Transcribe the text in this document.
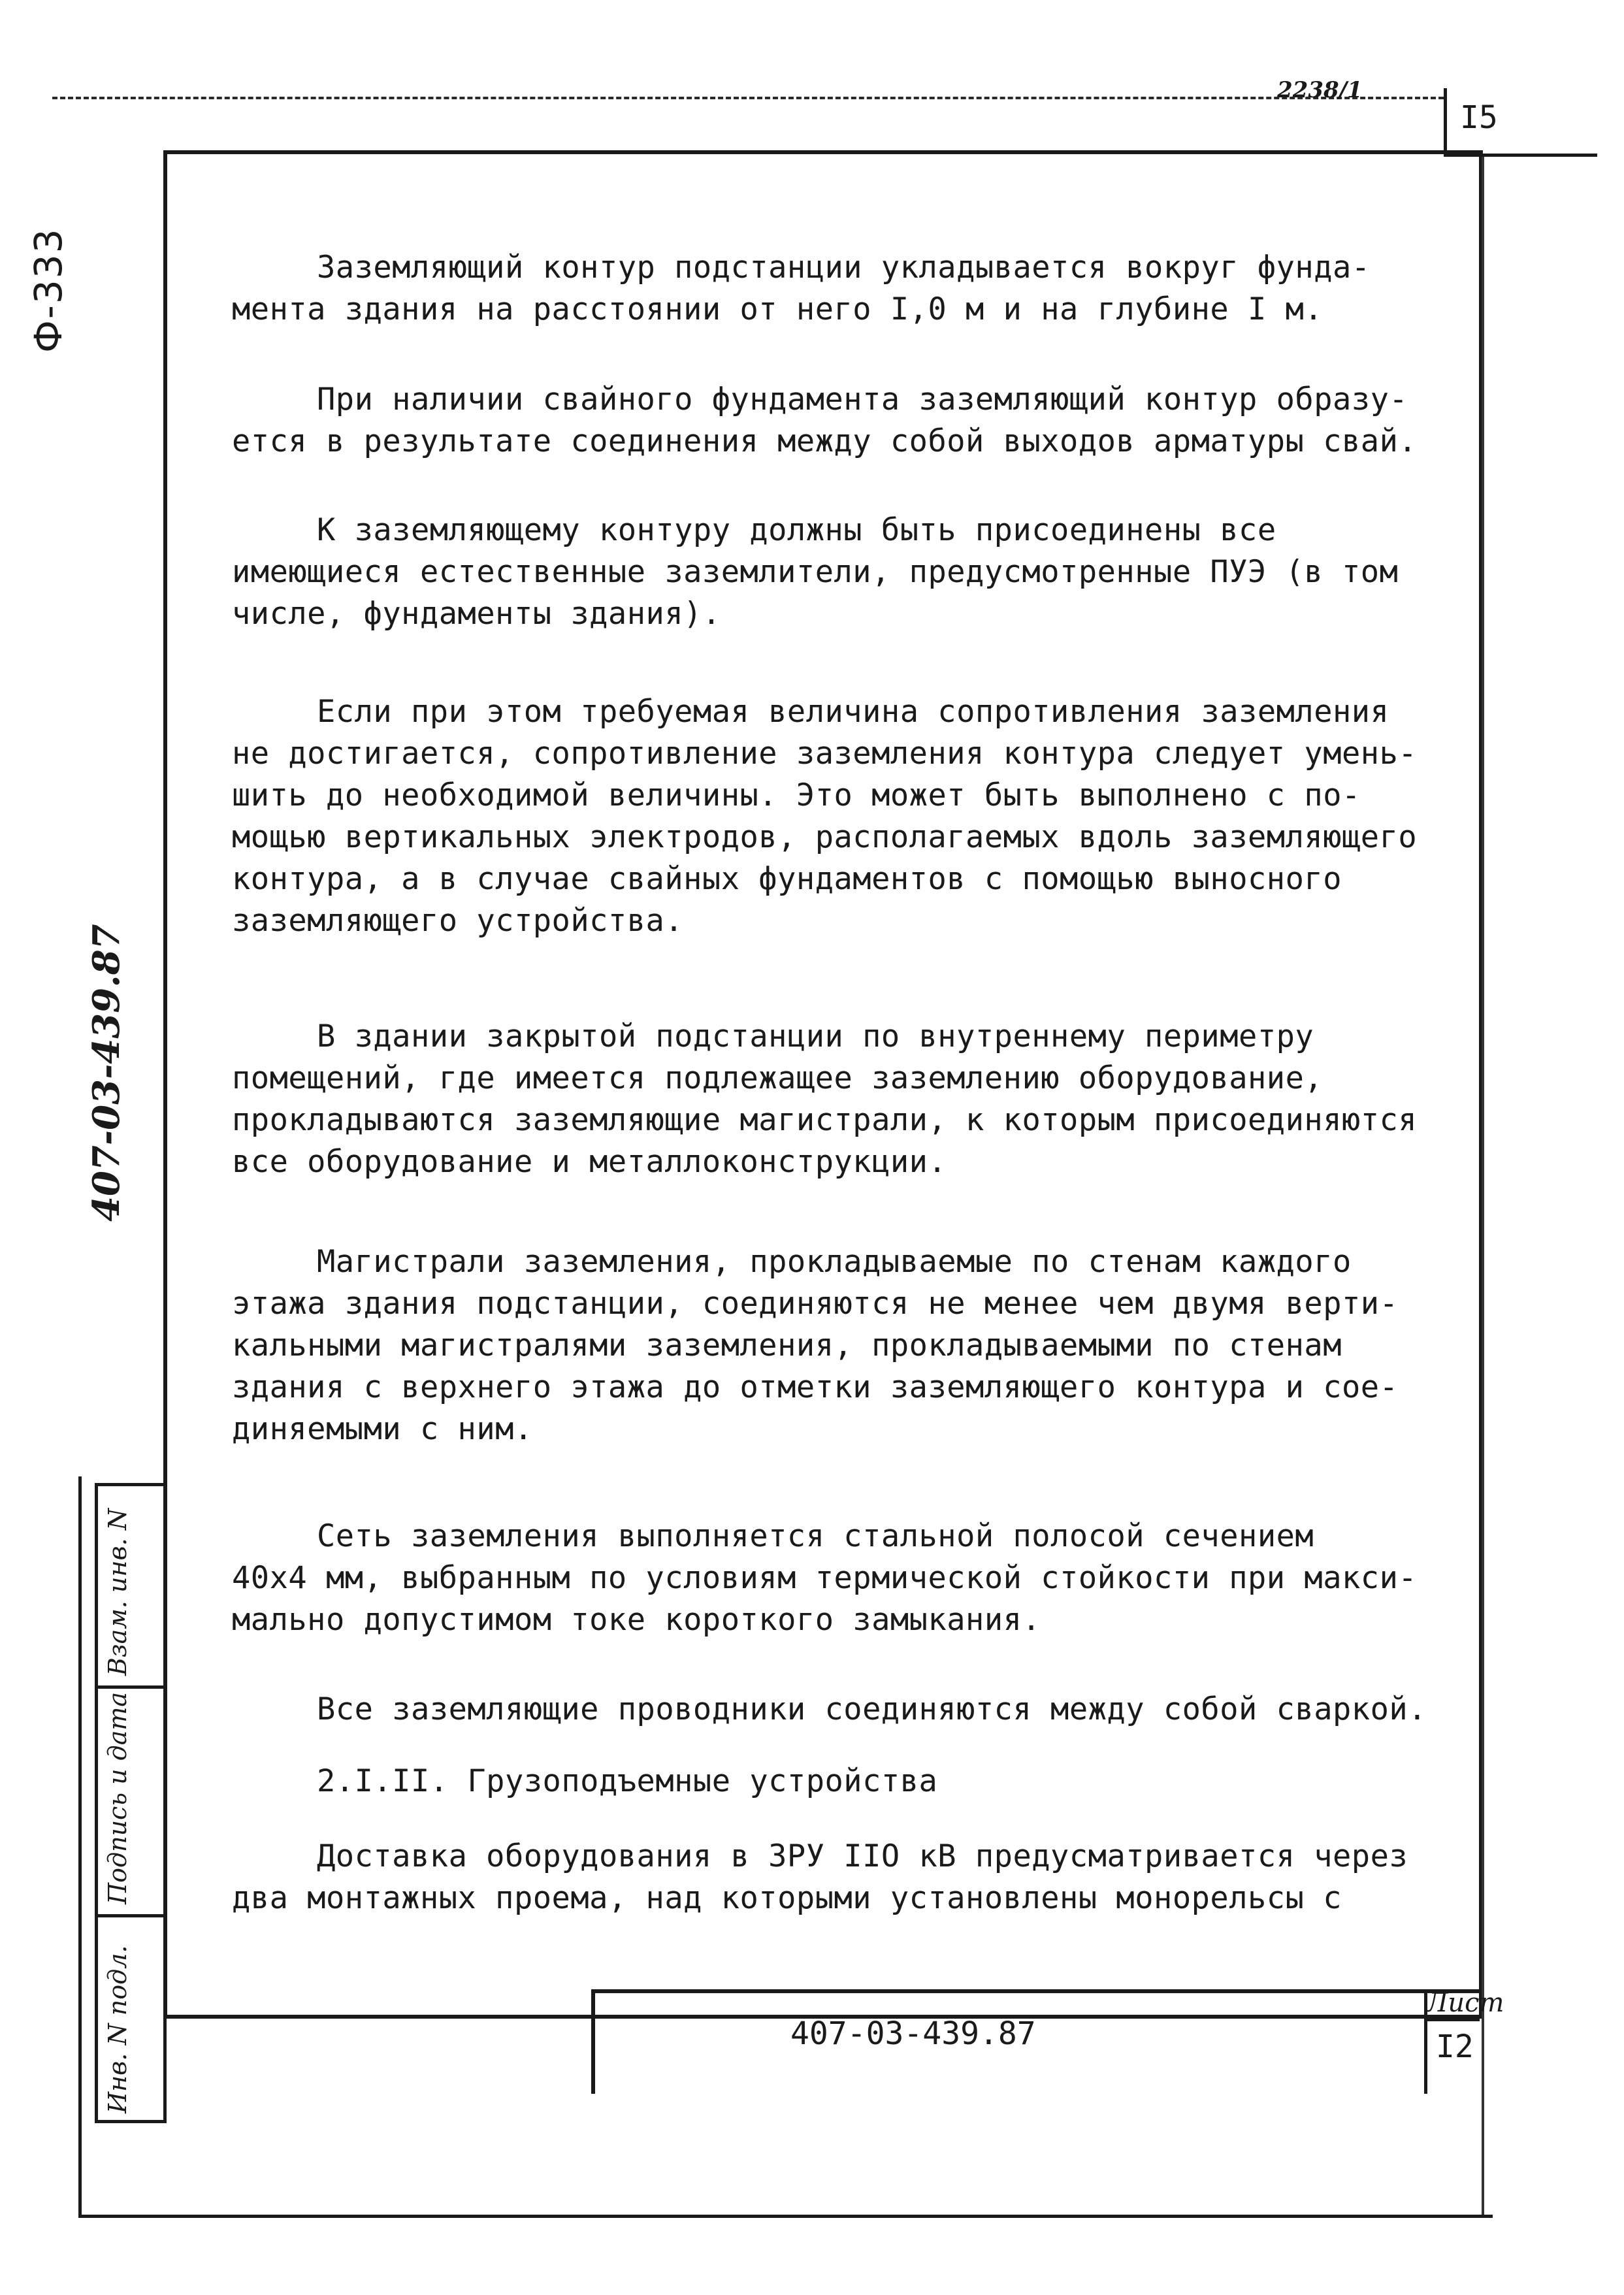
2238/1
I5
Ф-333
407-03-439.87
Инв. N подл.
Подпись и дата
Взам. инв. N
Заземляющий контур подстанции укладывается вокруг фунда-
мента здания на расстоянии от него I,0 м и на глубине I м.
При наличии свайного фундамента заземляющий контур образу-
ется в результате соединения между собой выходов арматуры свай.
К заземляющему контуру должны быть присоединены все
имеющиеся естественные заземлители, предусмотренные ПУЭ (в том
числе, фундаменты здания).
Если при этом требуемая величина сопротивления заземления
не достигается, сопротивление заземления контура следует умень-
шить до необходимой величины. Это может быть выполнено с по-
мощью вертикальных электродов, располагаемых вдоль заземляющего
контура, а в случае свайных фундаментов с помощью выносного
заземляющего устройства.
В здании закрытой подстанции по внутреннему периметру
помещений, где имеется подлежащее заземлению оборудование,
прокладываются заземляющие магистрали, к которым присоединяются
все оборудование и металлоконструкции.
Магистрали заземления, прокладываемые по стенам каждого
этажа здания подстанции, соединяются не менее чем двумя верти-
кальными магистралями заземления, прокладываемыми по стенам
здания с верхнего этажа до отметки заземляющего контура и сое-
диняемыми с ним.
Сеть заземления выполняется стальной полосой сечением
40х4 мм, выбранным по условиям термической стойкости при макси-
мально допустимом токе короткого замыкания.
Все заземляющие проводники соединяются между собой сваркой.
2.I.II. Грузоподъемные устройства
Доставка оборудования в ЗРУ IIO кВ предусматривается через
два монтажных проема, над которыми установлены монорельсы с
407-03-439.87
Лист
I2
